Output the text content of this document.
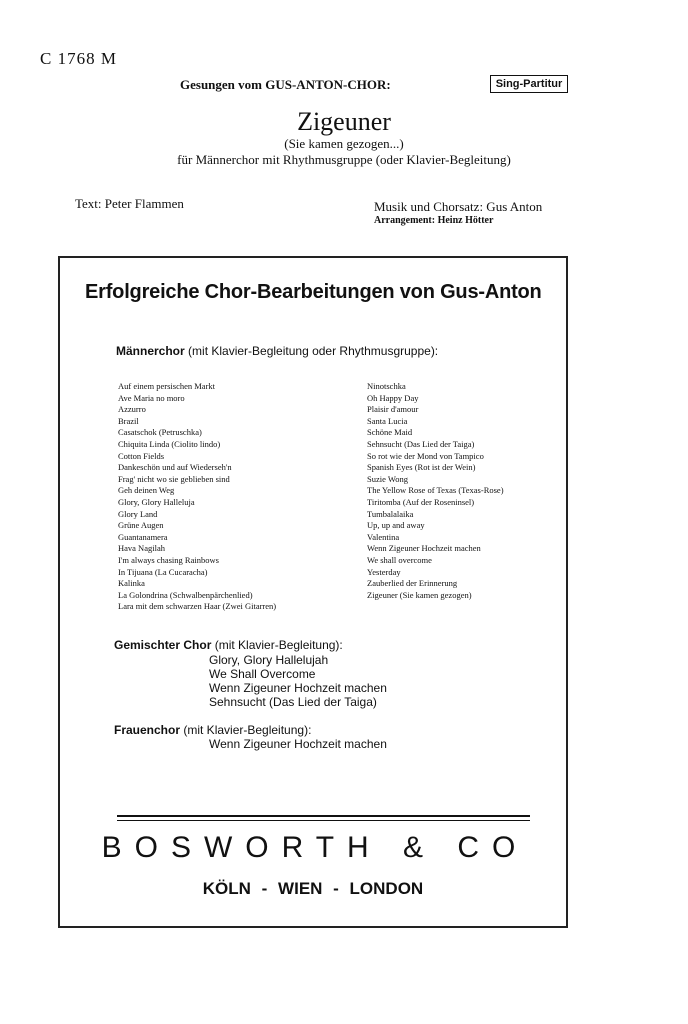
C 1768 M
Gesungen vom GUS-ANTON-CHOR:	Sing-Partitur
Zigeuner
(Sie kamen gezogen...)
für Männerchor mit Rhythmusgruppe (oder Klavier-Begleitung)
Text: Peter Flammen	Musik und Chorsatz: Gus Anton
Arrangement: Heinz Hötter
Erfolgreiche Chor-Bearbeitungen von Gus-Anton
Männerchor (mit Klavier-Begleitung oder Rhythmusgruppe):
Auf einem persischen Markt
Ave Maria no moro
Azzurro
Brazil
Casatschok (Petruschka)
Chiquita Linda (Ciolito lindo)
Cotton Fields
Dankeschön und auf Wiederseh'n
Frag' nicht wo sie geblieben sind
Geh deinen Weg
Glory, Glory Halleluja
Glory Land
Grüne Augen
Guantanamera
Hava Nagilah
I'm always chasing Rainbows
In Tijuana (La Cucaracha)
Kalinka
La Golondrina (Schwalbenpärchenlied)
Lara mit dem schwarzen Haar (Zwei Gitarren)
Ninotschka
Oh Happy Day
Plaisir d'amour
Santa Lucia
Schöne Maid
Sehnsucht (Das Lied der Taiga)
So rot wie der Mond von Tampico
Spanish Eyes (Rot ist der Wein)
Suzie Wong
The Yellow Rose of Texas (Texas-Rose)
Tiritomba (Auf der Roseninsel)
Tumbalalaika
Up, up and away
Valentina
Wenn Zigeuner Hochzeit machen
We shall overcome
Yesterday
Zauberlied der Erinnerung
Zigeuner (Sie kamen gezogen)
Gemischter Chor (mit Klavier-Begleitung):
Glory, Glory Hallelujah
We Shall Overcome
Wenn Zigeuner Hochzeit machen
Sehnsucht (Das Lied der Taiga)
Frauenchor (mit Klavier-Begleitung):
Wenn Zigeuner Hochzeit machen
BOSWORTH & CO
KÖLN - WIEN - LONDON
